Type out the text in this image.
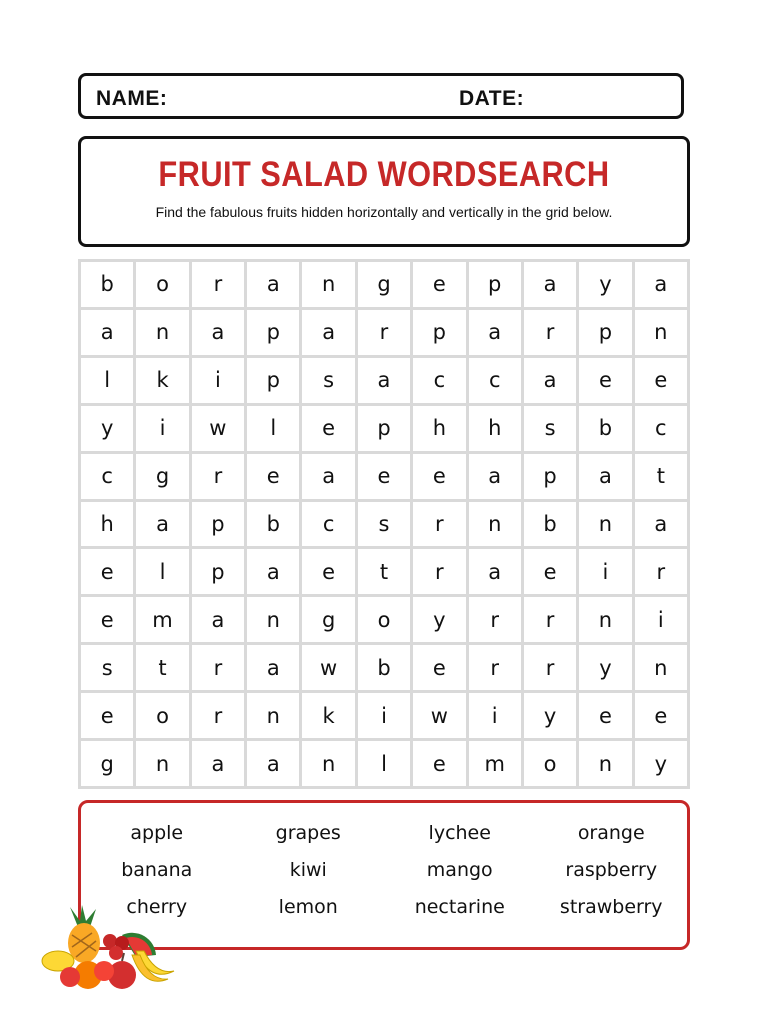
NAME:	DATE:
FRUIT SALAD WORDSEARCH
Find the fabulous fruits hidden horizontally and vertically in the grid below.
b	o	r	a	n	g	e	p	a	y	a
a	n	a	p	a	r	p	a	r	p	n
l	k	i	p	s	a	c	c	a	e	e
y	i	w	l	e	p	h	h	s	b	c
c	g	r	e	a	e	e	a	p	a	t
h	a	p	b	c	s	r	n	b	n	a
e	l	p	a	e	t	r	a	e	i	r
e	m	a	n	g	o	y	r	r	n	i
s	t	r	a	w	b	e	r	r	y	n
e	o	r	n	k	i	w	i	y	e	e
g	n	a	a	n	l	e	m	o	n	y
apple	grapes	lychee	orange
banana	kiwi	mango	raspberry
cherry	lemon	nectarine	strawberry
